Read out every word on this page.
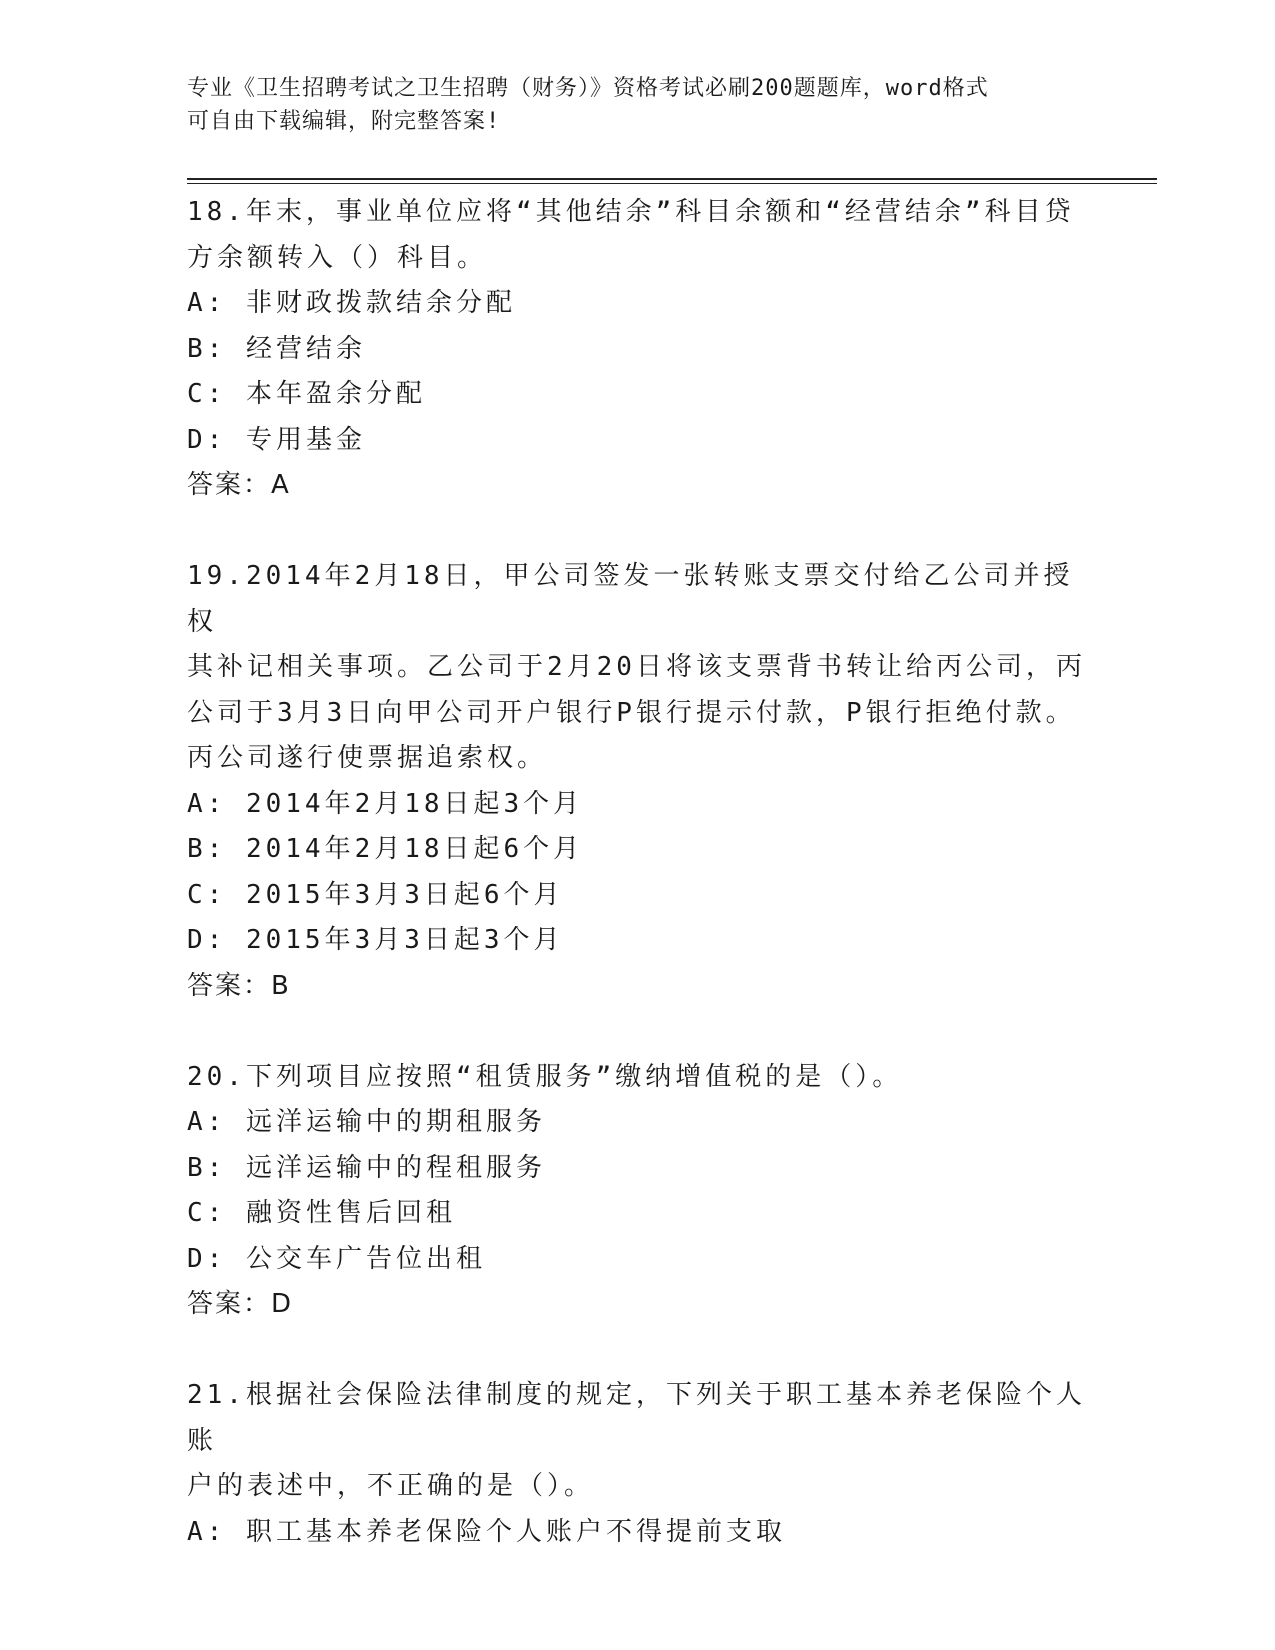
专业《卫生招聘考试之卫生招聘（财务）》资格考试必刷200题题库，word格式
可自由下载编辑，附完整答案!
18.年末，事业单位应将“其他结余”科目余额和“经营结余”科目贷
方余额转入（）科目。
A: 非财政拨款结余分配
B: 经营结余
C: 本年盈余分配
D: 专用基金
答案：A
19.2014年2月18日，甲公司签发一张转账支票交付给乙公司并授权
其补记相关事项。乙公司于2月20日将该支票背书转让给丙公司，丙
公司于3月3日向甲公司开户银行P银行提示付款，P银行拒绝付款。
丙公司遂行使票据追索权。
A: 2014年2月18日起3个月
B: 2014年2月18日起6个月
C: 2015年3月3日起6个月
D: 2015年3月3日起3个月
答案：B
20.下列项目应按照“租赁服务”缴纳增值税的是（）。
A: 远洋运输中的期租服务
B: 远洋运输中的程租服务
C: 融资性售后回租
D: 公交车广告位出租
答案：D
21.根据社会保险法律制度的规定，下列关于职工基本养老保险个人账
户的表述中，不正确的是（）。
A: 职工基本养老保险个人账户不得提前支取
